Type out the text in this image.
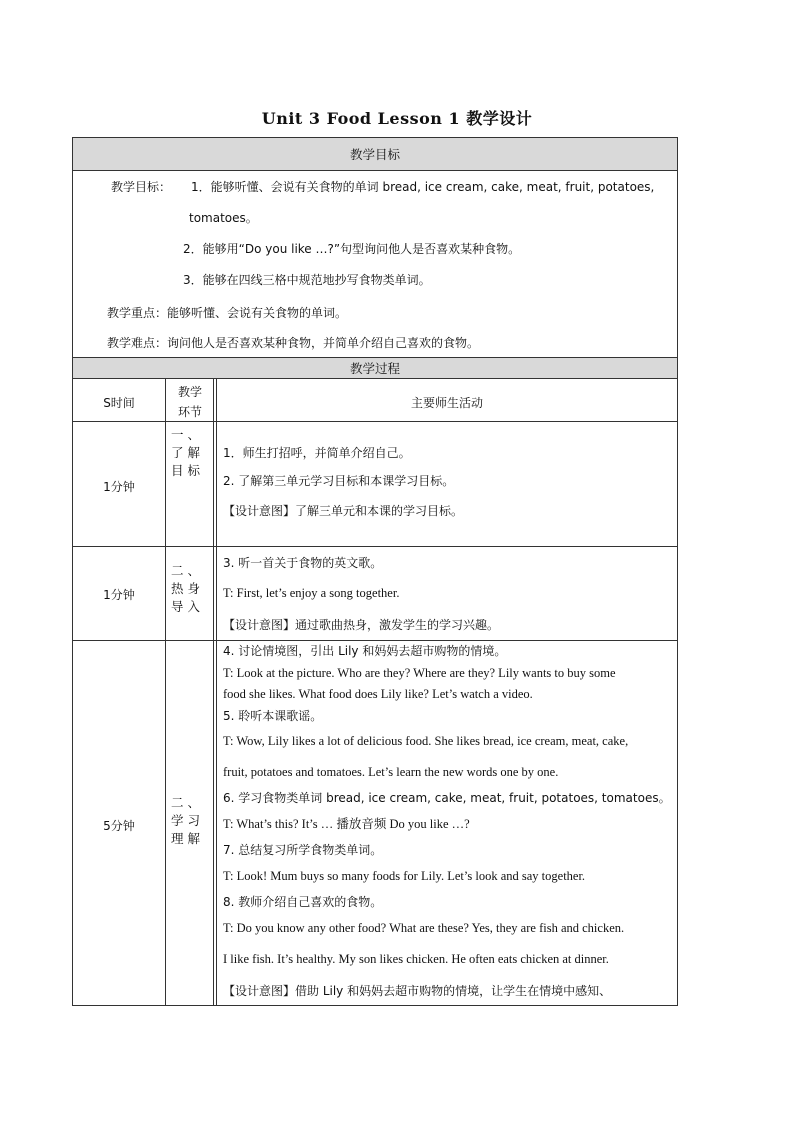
Unit 3 Food Lesson 1 教学设计
教学目标
教学目标： 1．能够听懂、会说有关食物的单词 bread, ice cream, cake, meat, fruit, potatoes,
tomatoes。
2．能够用“Do you like …?”句型询问他人是否喜欢某种食物。
3．能够在四线三格中规范地抄写食物类单词。
教学重点：能够听懂、会说有关食物的单词。
教学难点：询问他人是否喜欢某种食物，并简单介绍自己喜欢的食物。
教学过程
S时间
教学
环节
主要师生活动
1分钟
一 、
了 解
目 标
1．师生打招呼，并简单介绍自己。
2. 了解第三单元学习目标和本课学习目标。
【设计意图】了解三单元和本课的学习目标。
1分钟
二 、
热 身
导 入
3. 听一首关于食物的英文歌。
T: First, let’s enjoy a song together.
【设计意图】通过歌曲热身，激发学生的学习兴趣。
5分钟
二 、
学 习
理 解
4. 讨论情境图，引出 Lily 和妈妈去超市购物的情境。
T: Look at the picture. Who are they? Where are they? Lily wants to buy some
food she likes. What food does Lily like? Let’s watch a video.
5. 聆听本课歌谣。
T: Wow, Lily likes a lot of delicious food. She likes bread, ice cream, meat, cake,
fruit, potatoes and tomatoes. Let’s learn the new words one by one.
6. 学习食物类单词 bread, ice cream, cake, meat, fruit, potatoes, tomatoes。
T: What’s this? It’s … 播放音频 Do you like …?
7. 总结复习所学食物类单词。
T: Look! Mum buys so many foods for Lily. Let’s look and say together.
8. 教师介绍自己喜欢的食物。
T: Do you know any other food? What are these? Yes, they are fish and chicken.
I like fish. It’s healthy. My son likes chicken. He often eats chicken at dinner.
【设计意图】借助 Lily 和妈妈去超市购物的情境，让学生在情境中感知、
